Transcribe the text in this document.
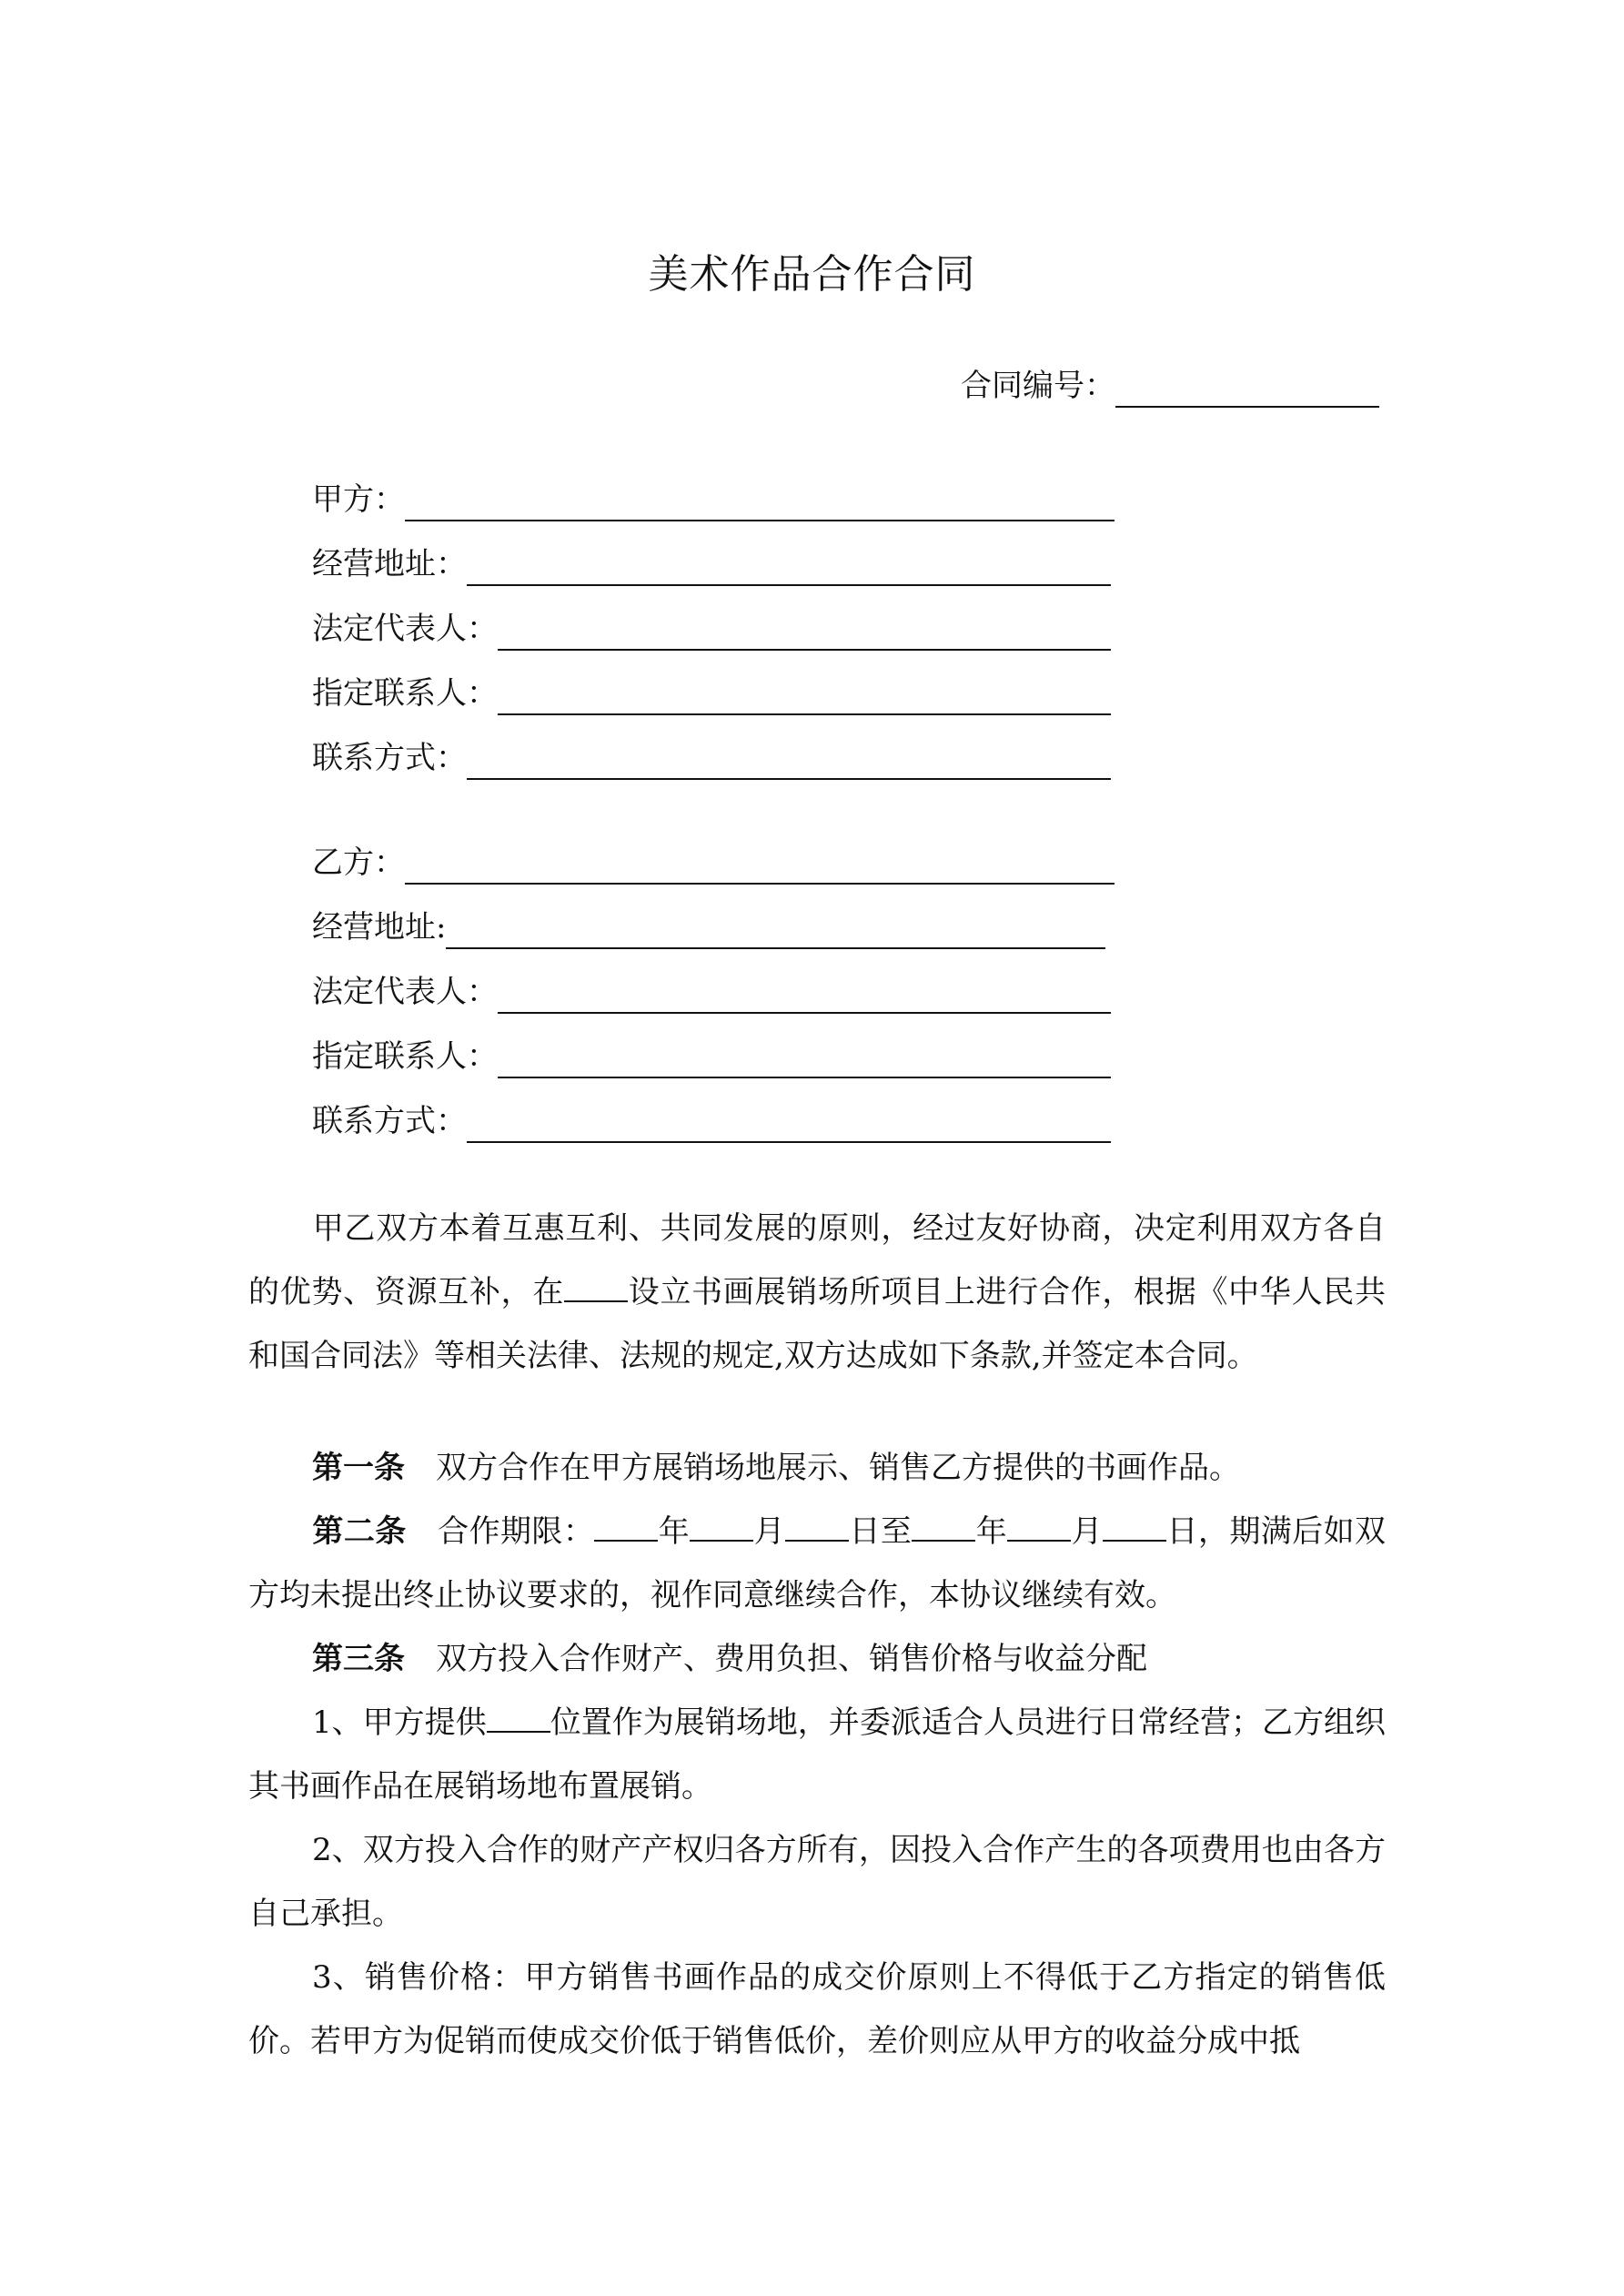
美术作品合作合同
合同编号：
甲方：
经营地址：
法定代表人：
指定联系人：
联系方式：
乙方：
经营地址:
法定代表人：
指定联系人：
联系方式：
甲乙双方本着互惠互利、共同发展的原则，经过友好协商，决定利用双方各自的优势、资源互补，在 设立书画展销场所项目上进行合作，根据《中华人民共和国合同法》等相关法律、法规的规定,双方达成如下条款,并签定本合同。
第一条 双方合作在甲方展销场地展示、销售乙方提供的书画作品。
第二条 合作期限： 年 月 日至 年 月 日，期满后如双方均未提出终止协议要求的，视作同意继续合作，本协议继续有效。
第三条 双方投入合作财产、费用负担、销售价格与收益分配
1、甲方提供 位置作为展销场地，并委派适合人员进行日常经营；乙方组织其书画作品在展销场地布置展销。
2、双方投入合作的财产产权归各方所有，因投入合作产生的各项费用也由各方自己承担。
3、销售价格：甲方销售书画作品的成交价原则上不得低于乙方指定的销售低价。若甲方为促销而使成交价低于销售低价，差价则应从甲方的收益分成中抵
